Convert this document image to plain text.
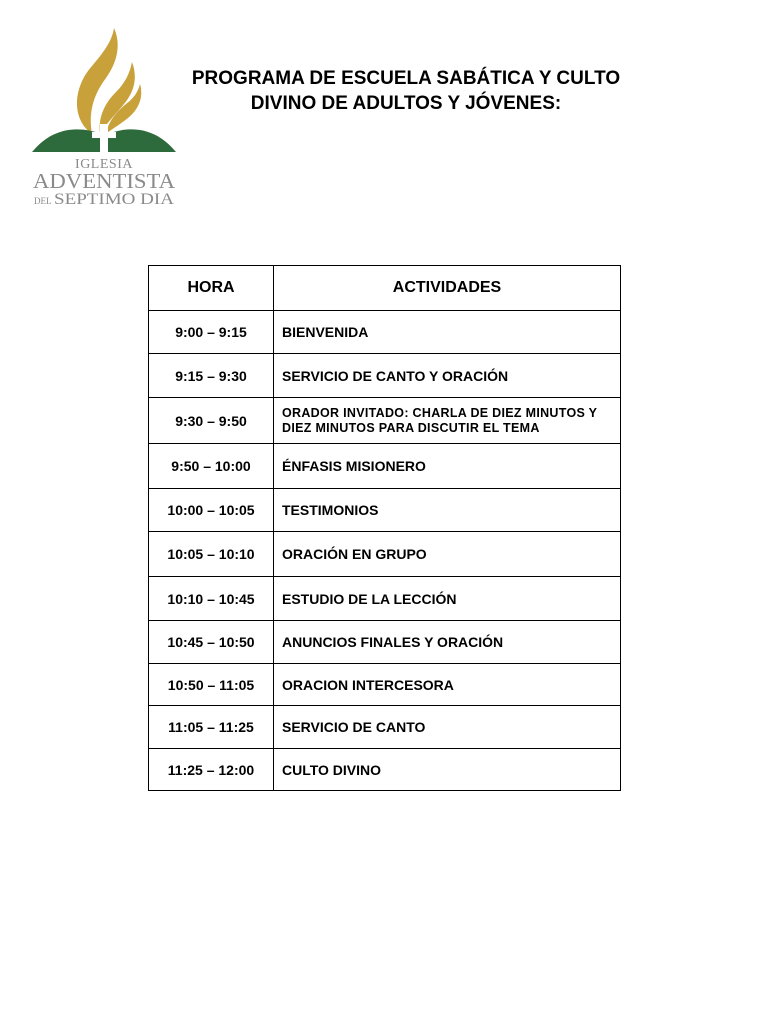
IGLESIA
ADVENTISTA
DEL SEPTIMO DIA
PROGRAMA DE ESCUELA SABÁTICA Y CULTO
DIVINO DE ADULTOS Y JÓVENES:
HORA	ACTIVIDADES
9:00 – 9:15	BIENVENIDA
9:15 – 9:30	SERVICIO DE CANTO Y ORACIÓN
9:30 – 9:50	ORADOR INVITADO: CHARLA DE DIEZ MINUTOS Y DIEZ MINUTOS PARA DISCUTIR EL TEMA
9:50 – 10:00	ÉNFASIS MISIONERO
10:00 – 10:05	TESTIMONIOS
10:05 – 10:10	ORACIÓN EN GRUPO
10:10 – 10:45	ESTUDIO DE LA LECCIÓN
10:45 – 10:50	ANUNCIOS FINALES Y ORACIÓN
10:50 – 11:05	ORACION INTERCESORA
11:05 – 11:25	SERVICIO DE CANTO
11:25 – 12:00	CULTO DIVINO
